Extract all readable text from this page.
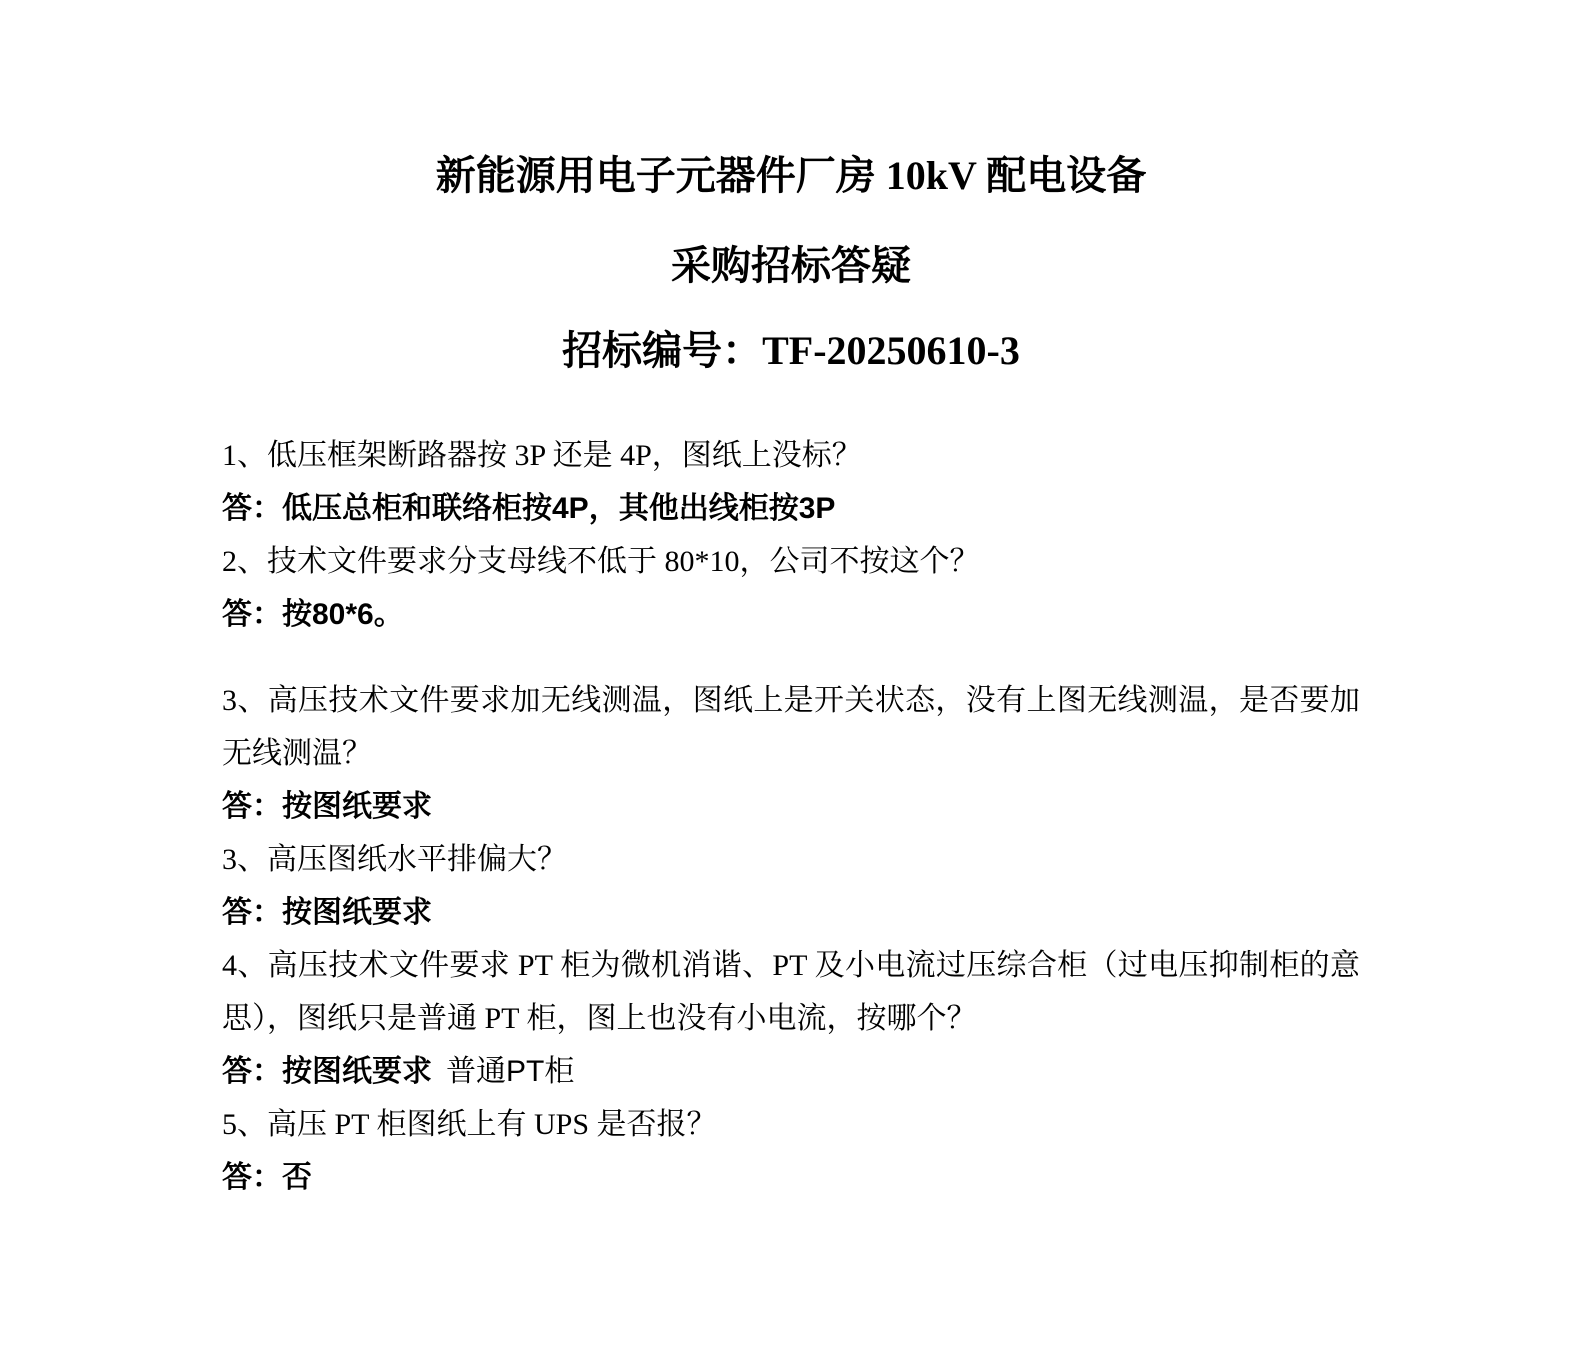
新能源用电子元器件厂房 10kV 配电设备

采购招标答疑

招标编号：TF-20250610-3

1、低压框架断路器按 3P 还是 4P，图纸上没标？

答：低压总柜和联络柜按4P，其他出线柜按3P

2、技术文件要求分支母线不低于 80*10，公司不按这个？

答：按80*6。

3、高压技术文件要求加无线测温，图纸上是开关状态，没有上图无线测温，是否要加无线测温？

答：按图纸要求

3、高压图纸水平排偏大？

答：按图纸要求

4、高压技术文件要求 PT 柜为微机消谐、PT 及小电流过压综合柜（过电压抑制柜的意思），图纸只是普通 PT 柜，图上也没有小电流，按哪个？

答：按图纸要求 普通PT柜

5、高压 PT 柜图纸上有 UPS 是否报？

答：否
